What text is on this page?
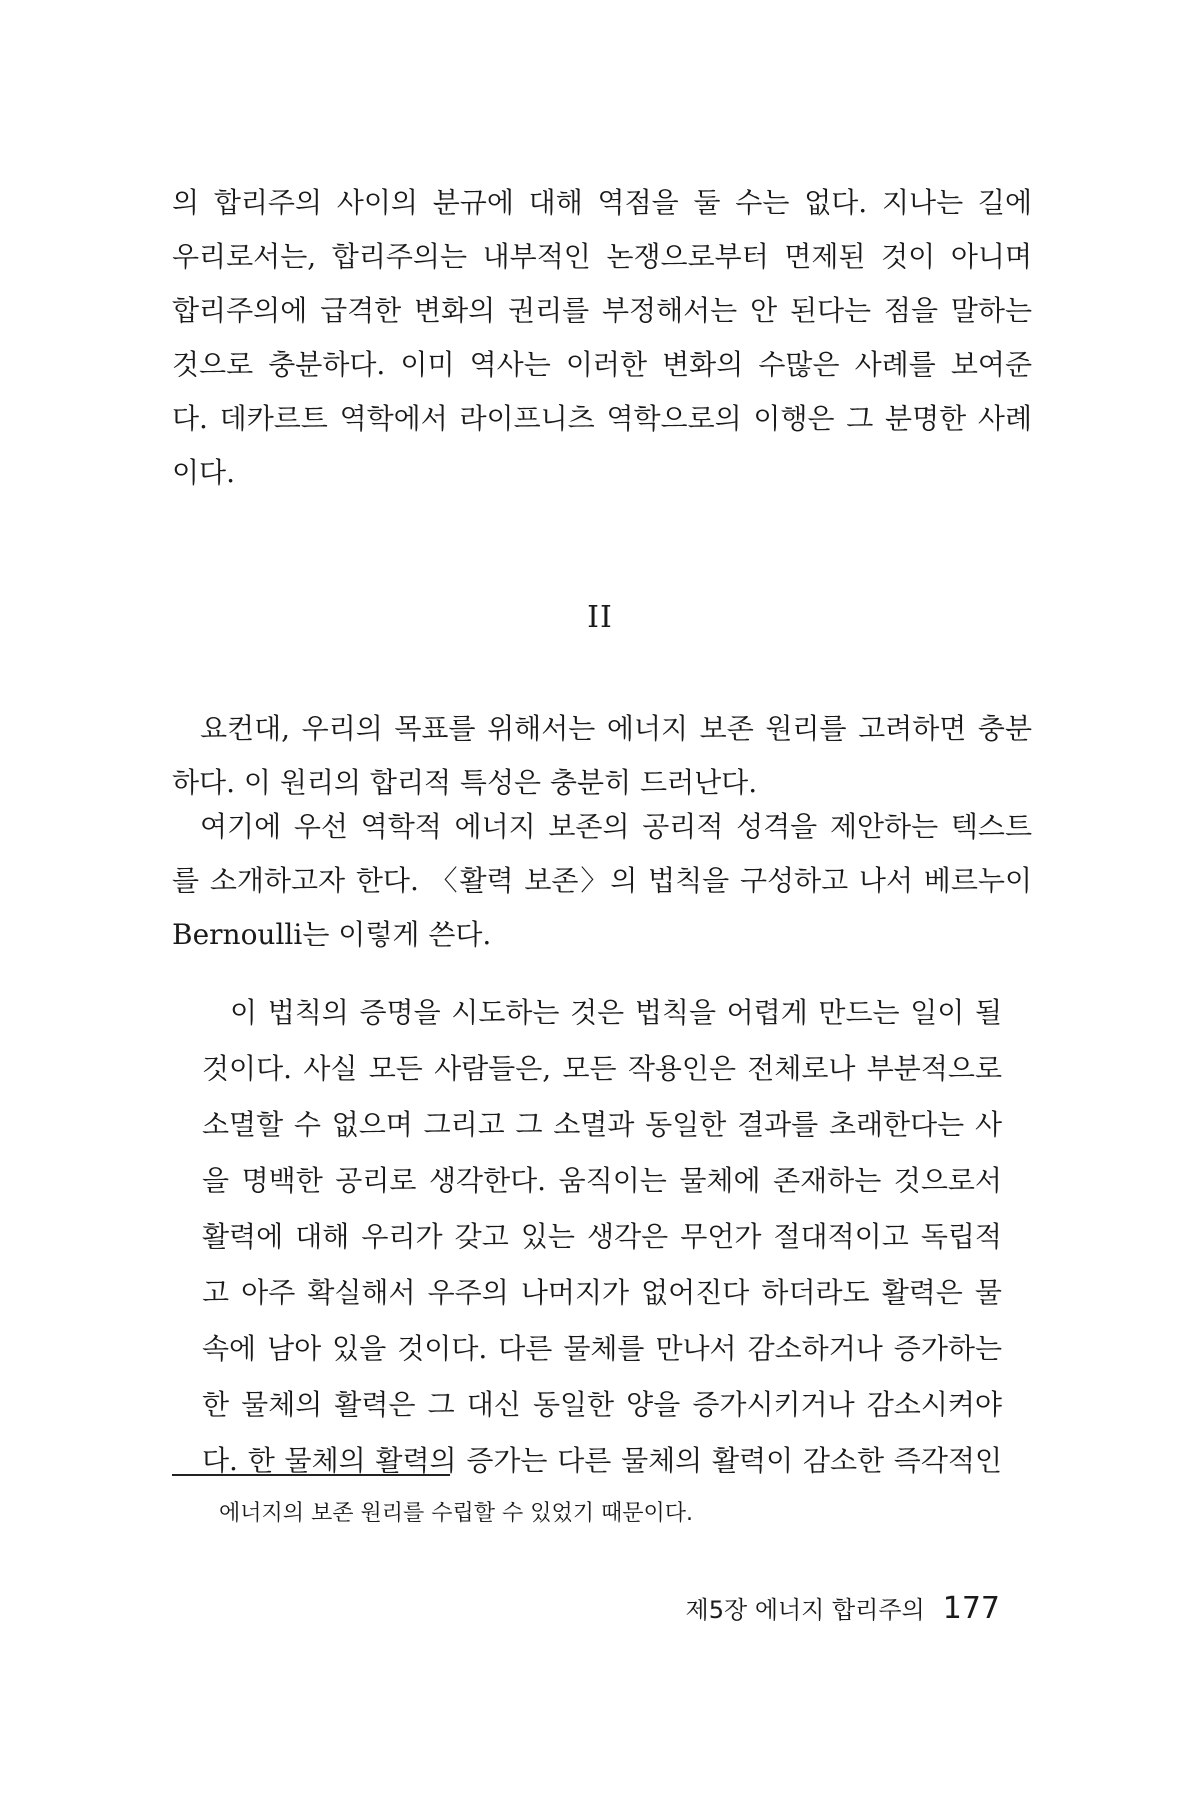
의 합리주의 사이의 분규에 대해 역점을 둘 수는 없다. 지나는 길에
우리로서는, 합리주의는 내부적인 논쟁으로부터 면제된 것이 아니며
합리주의에 급격한 변화의 권리를 부정해서는 안 된다는 점을 말하는
것으로 충분하다. 이미 역사는 이러한 변화의 수많은 사례를 보여준
다. 데카르트 역학에서 라이프니츠 역학으로의 이행은 그 분명한 사례
이다.
II
요컨대, 우리의 목표를 위해서는 에너지 보존 원리를 고려하면 충분
하다. 이 원리의 합리적 특성은 충분히 드러난다.
여기에 우선 역학적 에너지 보존의 공리적 성격을 제안하는 텍스트
를 소개하고자 한다. 〈활력 보존〉의 법칙을 구성하고 나서 베르누이
Bernoulli는 이렇게 쓴다.
이 법칙의 증명을 시도하는 것은 법칙을 어렵게 만드는 일이 될
것이다. 사실 모든 사람들은, 모든 작용인은 전체로나 부분적으로
소멸할 수 없으며 그리고 그 소멸과 동일한 결과를 초래한다는 사
을 명백한 공리로 생각한다. 움직이는 물체에 존재하는 것으로서
활력에 대해 우리가 갖고 있는 생각은 무언가 절대적이고 독립적
고 아주 확실해서 우주의 나머지가 없어진다 하더라도 활력은 물
속에 남아 있을 것이다. 다른 물체를 만나서 감소하거나 증가하는
한 물체의 활력은 그 대신 동일한 양을 증가시키거나 감소시켜야
다. 한 물체의 활력의 증가는 다른 물체의 활력이 감소한 즉각적인
에너지의 보존 원리를 수립할 수 있었기 때문이다.
제5장 에너지 합리주의 177
